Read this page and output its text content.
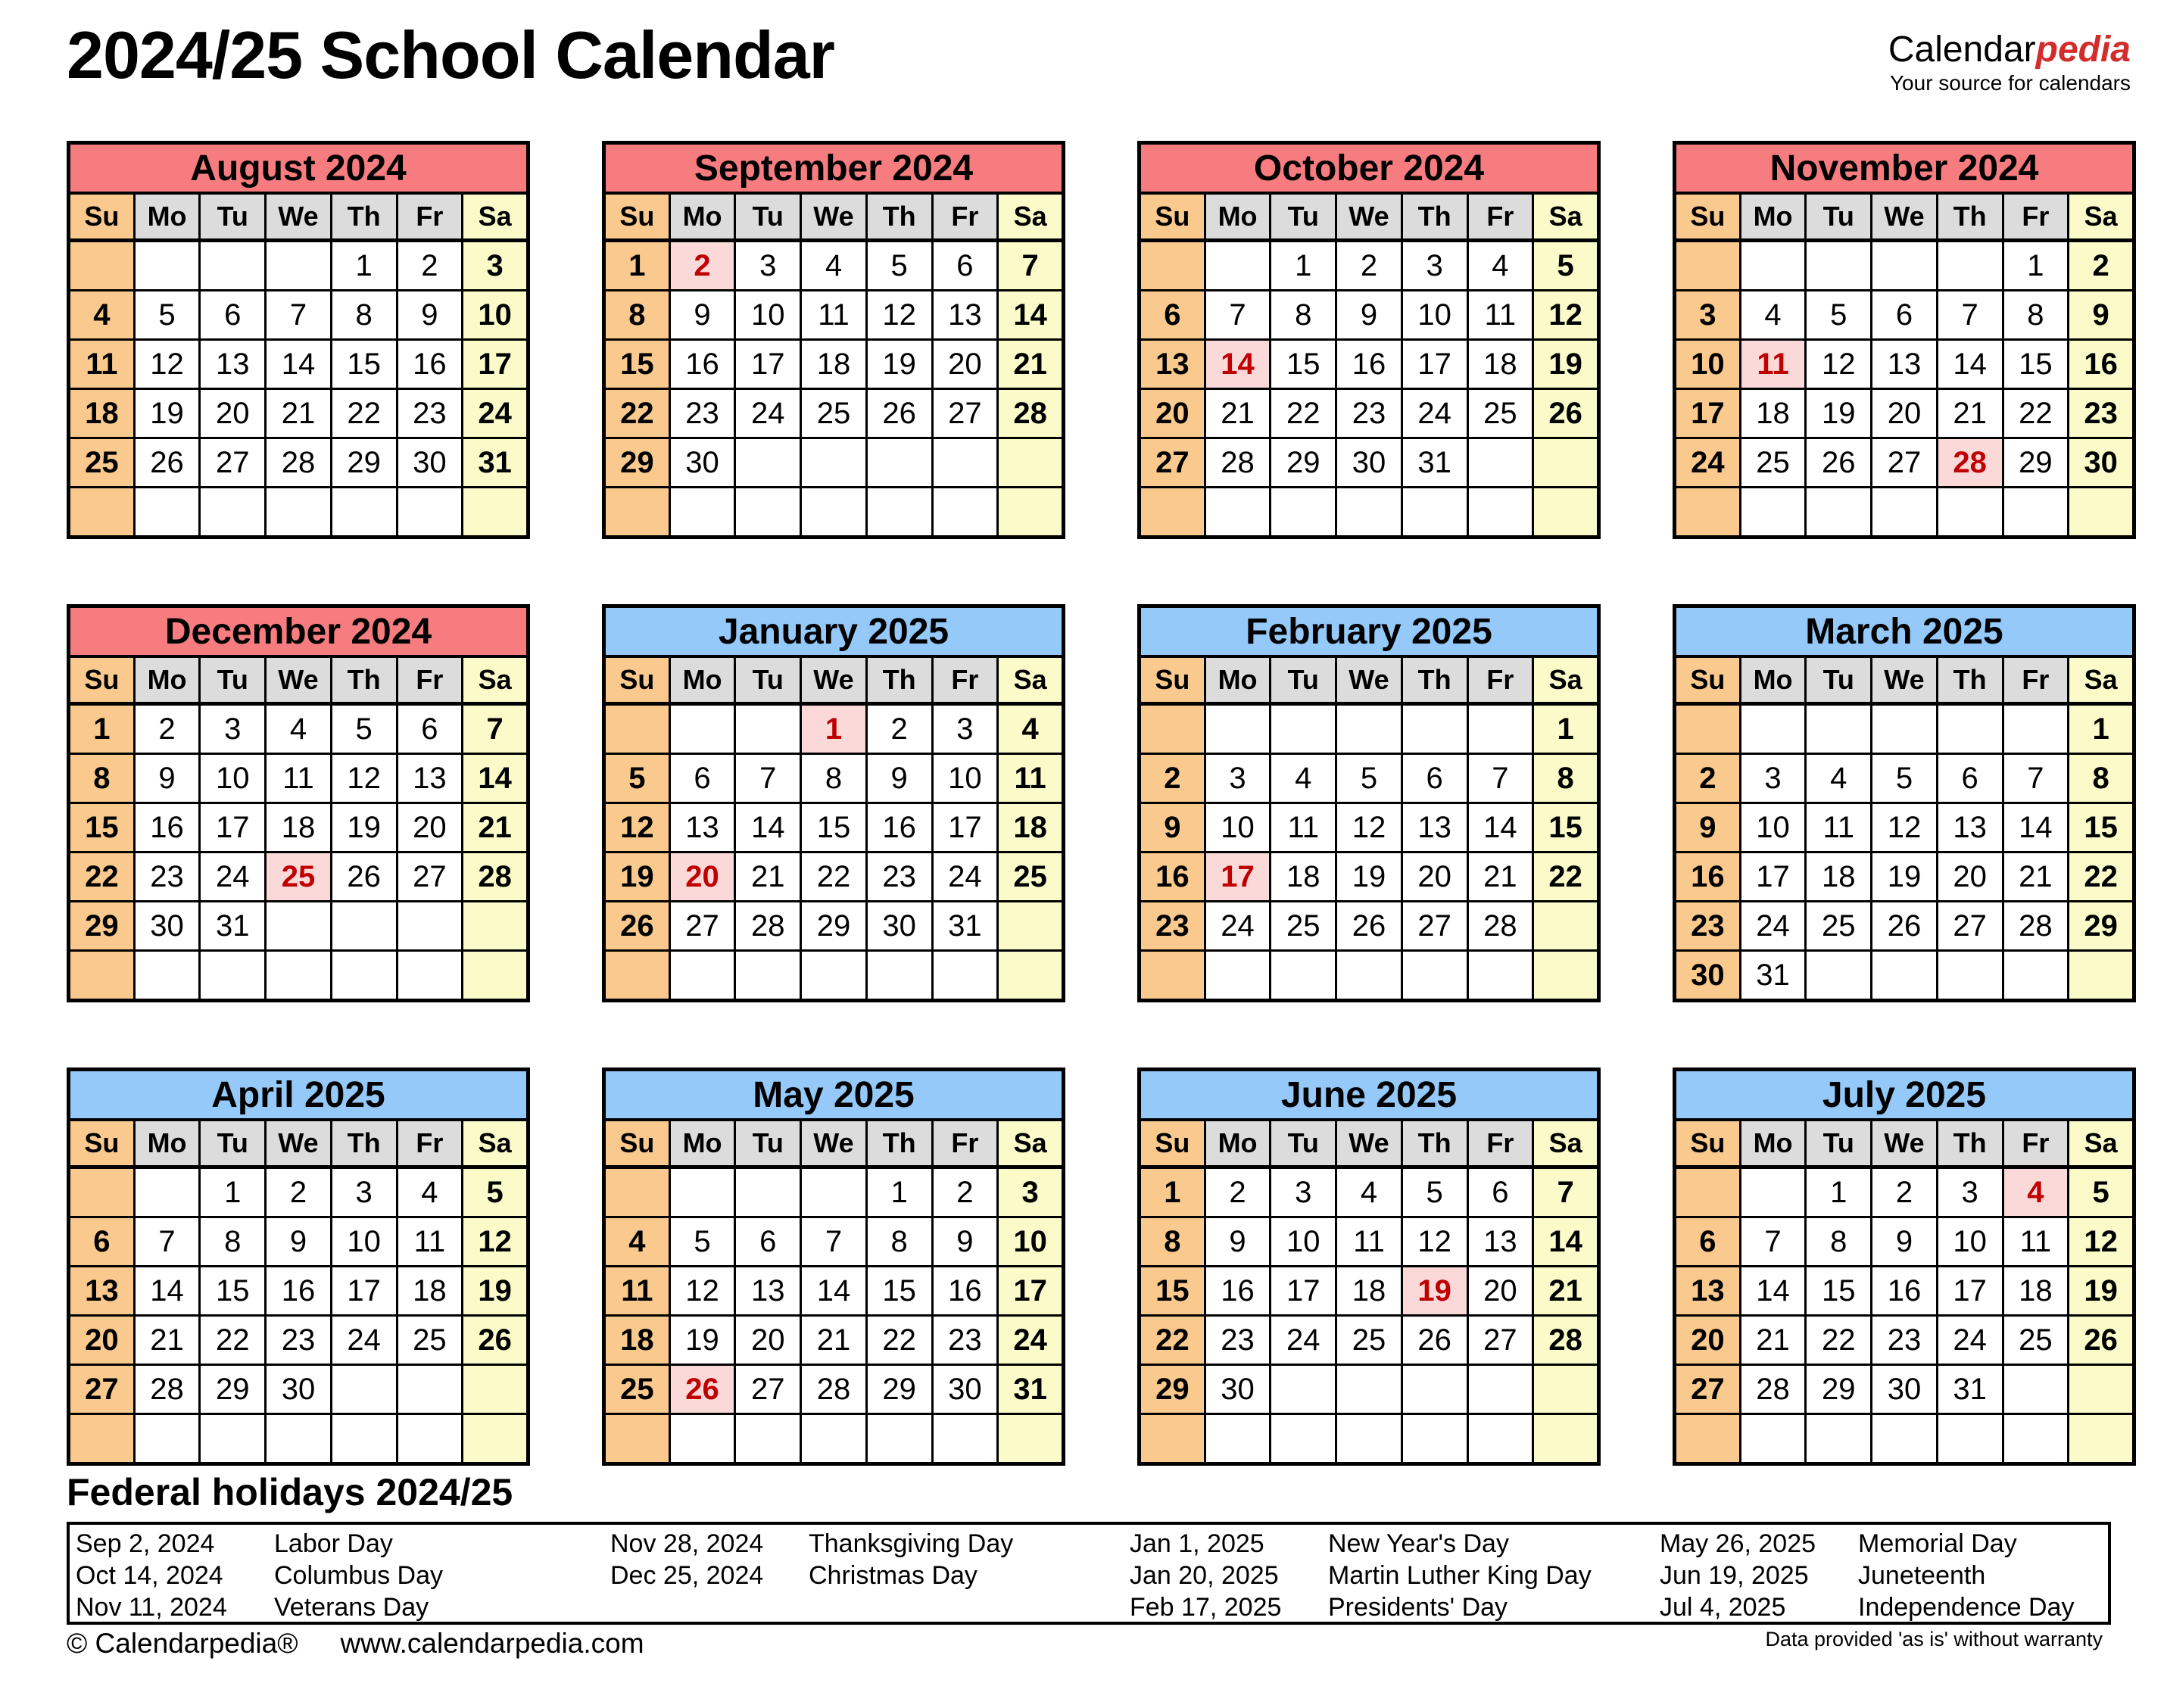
2024/25 School Calendar	Calendarpedia
Your source for calendars
August 2024						
Su	Mo	Tu	We	Th	Fr	Sa
				1	2	3
4	5	6	7	8	9	10
11	12	13	14	15	16	17
18	19	20	21	22	23	24
25	26	27	28	29	30	31

September 2024						
Su	Mo	Tu	We	Th	Fr	Sa
1	2	3	4	5	6	7
8	9	10	11	12	13	14
15	16	17	18	19	20	21
22	23	24	25	26	27	28
29	30					

October 2024						
Su	Mo	Tu	We	Th	Fr	Sa
		1	2	3	4	5
6	7	8	9	10	11	12
13	14	15	16	17	18	19
20	21	22	23	24	25	26
27	28	29	30	31		

November 2024						
Su	Mo	Tu	We	Th	Fr	Sa
					1	2
3	4	5	6	7	8	9
10	11	12	13	14	15	16
17	18	19	20	21	22	23
24	25	26	27	28	29	30

December 2024						
Su	Mo	Tu	We	Th	Fr	Sa
1	2	3	4	5	6	7
8	9	10	11	12	13	14
15	16	17	18	19	20	21
22	23	24	25	26	27	28
29	30	31				

January 2025						
Su	Mo	Tu	We	Th	Fr	Sa
			1	2	3	4
5	6	7	8	9	10	11
12	13	14	15	16	17	18
19	20	21	22	23	24	25
26	27	28	29	30	31	

February 2025						
Su	Mo	Tu	We	Th	Fr	Sa
						1
2	3	4	5	6	7	8
9	10	11	12	13	14	15
16	17	18	19	20	21	22
23	24	25	26	27	28	

March 2025						
Su	Mo	Tu	We	Th	Fr	Sa
						1
2	3	4	5	6	7	8
9	10	11	12	13	14	15
16	17	18	19	20	21	22
23	24	25	26	27	28	29
30	31					
April 2025						
Su	Mo	Tu	We	Th	Fr	Sa
		1	2	3	4	5
6	7	8	9	10	11	12
13	14	15	16	17	18	19
20	21	22	23	24	25	26
27	28	29	30			

May 2025						
Su	Mo	Tu	We	Th	Fr	Sa
				1	2	3
4	5	6	7	8	9	10
11	12	13	14	15	16	17
18	19	20	21	22	23	24
25	26	27	28	29	30	31

June 2025						
Su	Mo	Tu	We	Th	Fr	Sa
1	2	3	4	5	6	7
8	9	10	11	12	13	14
15	16	17	18	19	20	21
22	23	24	25	26	27	28
29	30					

July 2025						
Su	Mo	Tu	We	Th	Fr	Sa
		1	2	3	4	5
6	7	8	9	10	11	12
13	14	15	16	17	18	19
20	21	22	23	24	25	26
27	28	29	30	31		

Federal holidays 2024/25
Sep 2, 2024	Labor Day
Oct 14, 2024	Columbus Day
Nov 11, 2024	Veterans Day
Nov 28, 2024	Thanksgiving Day
Dec 25, 2024	Christmas Day
Jan 1, 2025	New Year's Day
Jan 20, 2025	Martin Luther King Day
Feb 17, 2025	Presidents' Day
May 26, 2025	Memorial Day
Jun 19, 2025	Juneteenth
Jul 4, 2025	Independence Day
© Calendarpedia® www.calendarpedia.com	Data provided 'as is' without warranty
